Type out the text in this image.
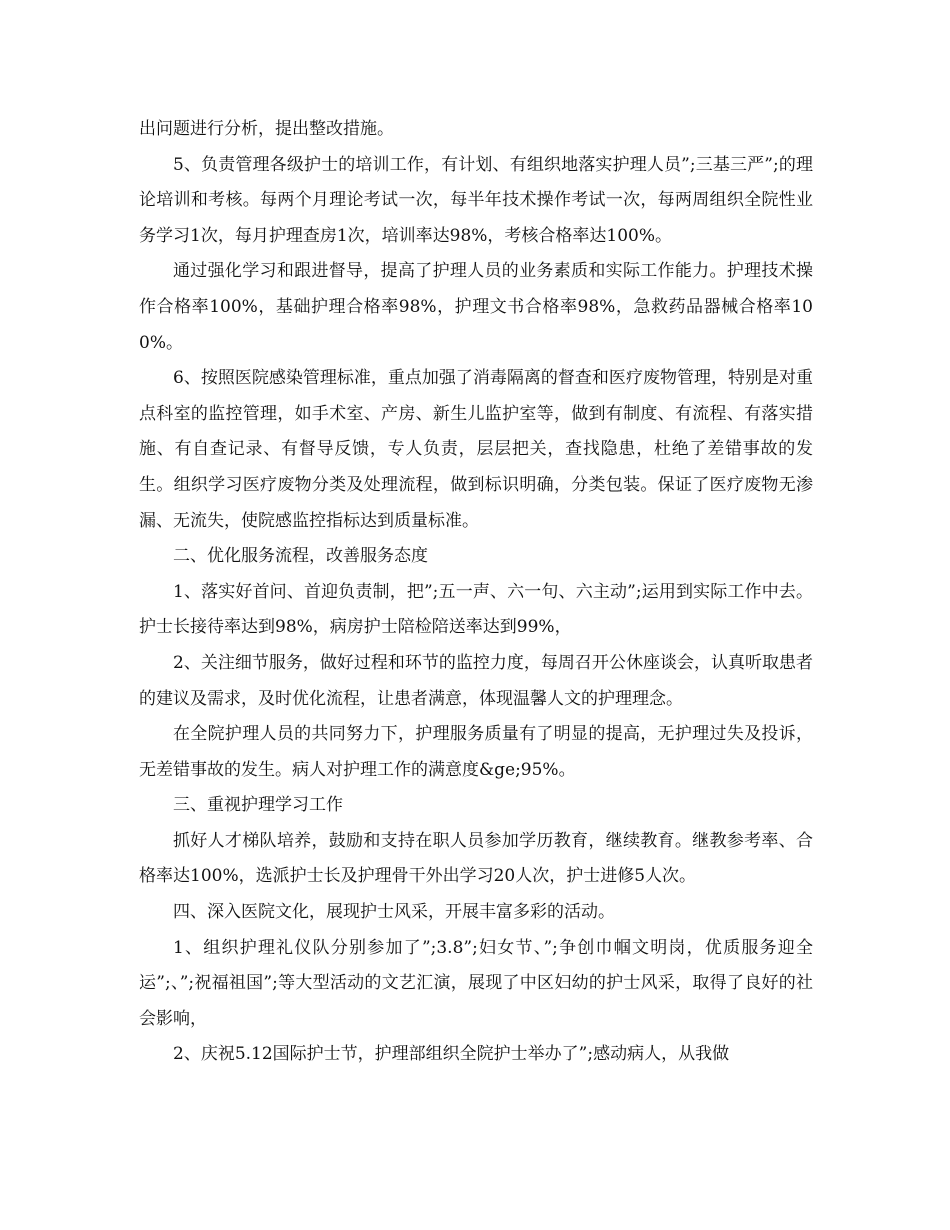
出问题进行分析，提出整改措施。

5、负责管理各级护士的培训工作，有计划、有组织地落实护理人员”;三基三严”;的理论培训和考核。每两个月理论考试一次，每半年技术操作考试一次，每两周组织全院性业务学习1次，每月护理查房1次，培训率达98%，考核合格率达100%。

通过强化学习和跟进督导，提高了护理人员的业务素质和实际工作能力。护理技术操作合格率100%，基础护理合格率98%，护理文书合格率98%，急救药品器械合格率100%。

6、按照医院感染管理标准，重点加强了消毒隔离的督查和医疗废物管理，特别是对重点科室的监控管理，如手术室、产房、新生儿监护室等，做到有制度、有流程、有落实措施、有自查记录、有督导反馈，专人负责，层层把关，查找隐患，杜绝了差错事故的发生。组织学习医疗废物分类及处理流程，做到标识明确，分类包装。保证了医疗废物无渗漏、无流失，使院感监控指标达到质量标准。

二、优化服务流程，改善服务态度

1、落实好首问、首迎负责制，把”;五一声、六一句、六主动”;运用到实际工作中去。护士长接待率达到98%，病房护士陪检陪送率达到99%，

2、关注细节服务，做好过程和环节的监控力度，每周召开公休座谈会，认真听取患者的建议及需求，及时优化流程，让患者满意，体现温馨人文的护理理念。

在全院护理人员的共同努力下，护理服务质量有了明显的提高，无护理过失及投诉，无差错事故的发生。病人对护理工作的满意度&ge;95%。

三、重视护理学习工作

抓好人才梯队培养，鼓励和支持在职人员参加学历教育，继续教育。继教参考率、合格率达100%，选派护士长及护理骨干外出学习20人次，护士进修5人次。

四、深入医院文化，展现护士风采，开展丰富多彩的活动。

1、组织护理礼仪队分别参加了”;3.8”;妇女节、”;争创巾帼文明岗，优质服务迎全运”;、”;祝福祖国”;等大型活动的文艺汇演，展现了中区妇幼的护士风采，取得了良好的社会影响，

2、庆祝5.12国际护士节，护理部组织全院护士举办了”;感动病人，从我做
